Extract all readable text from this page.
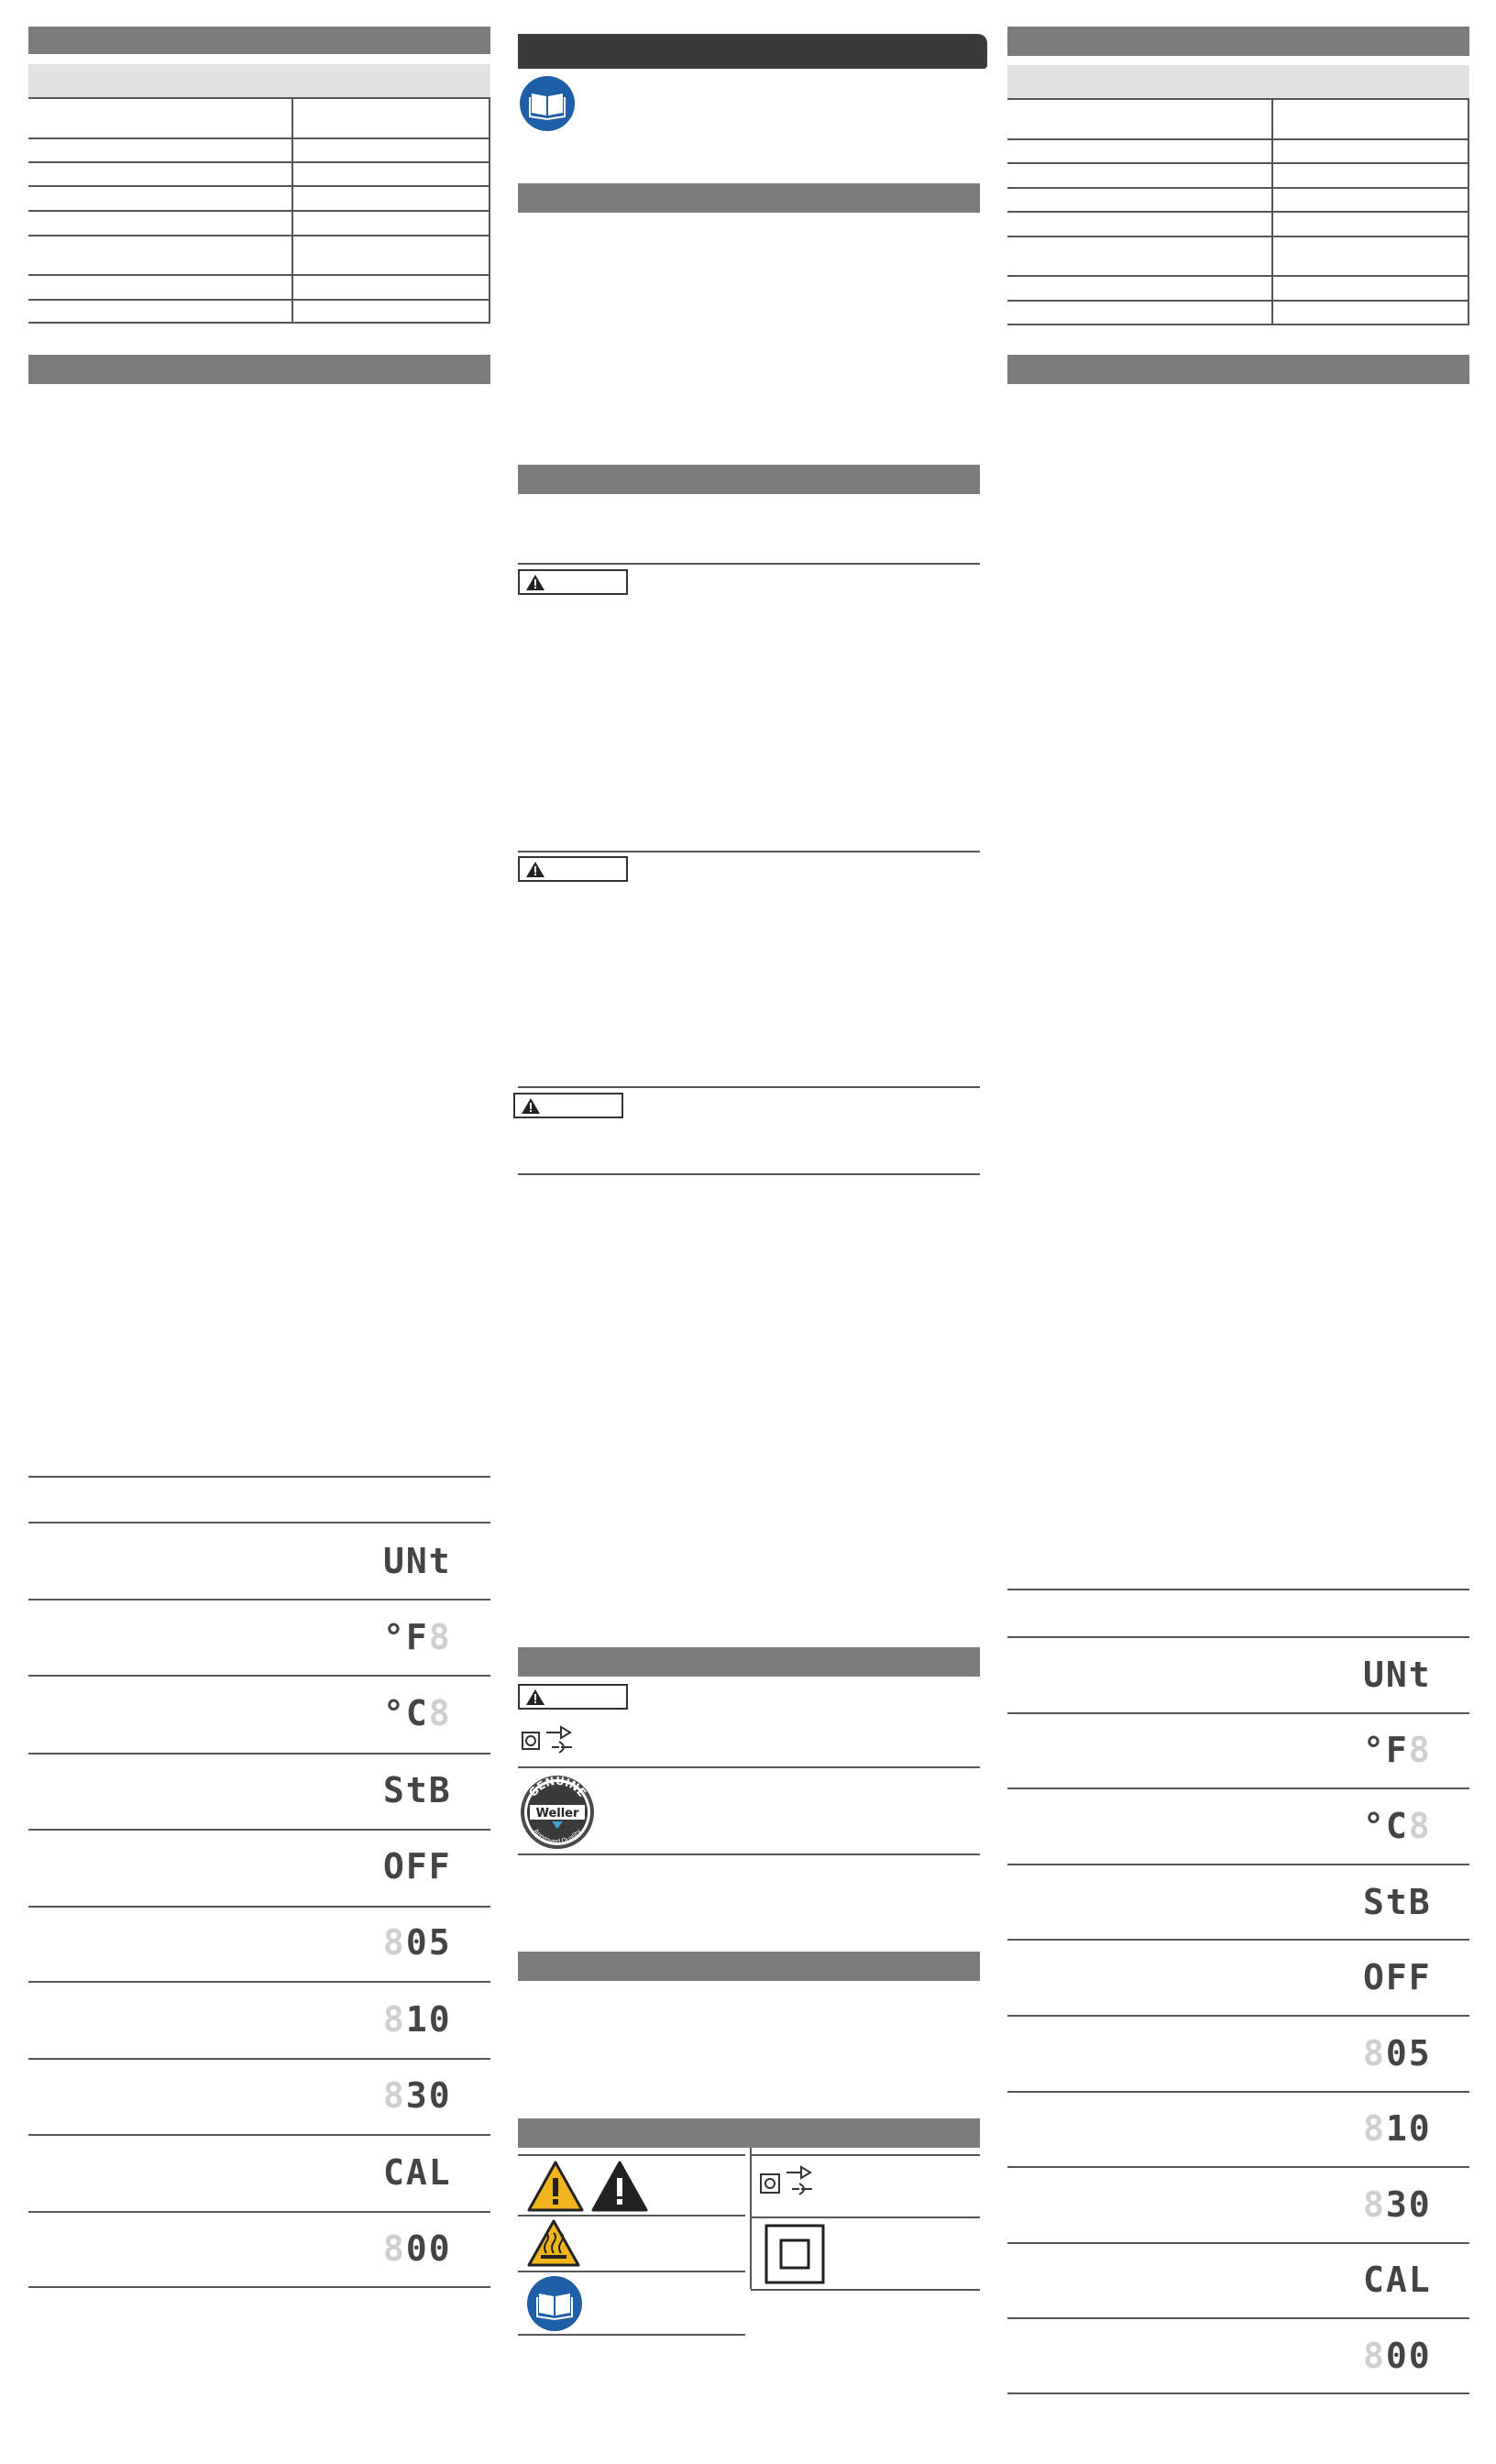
UNt
°F8
°C8
StB
OFF
805
810
830
CAL
800
GENUINE
Weller
Approved Quality
UNt
°F8
°C8
StB
OFF
805
810
830
CAL
800
